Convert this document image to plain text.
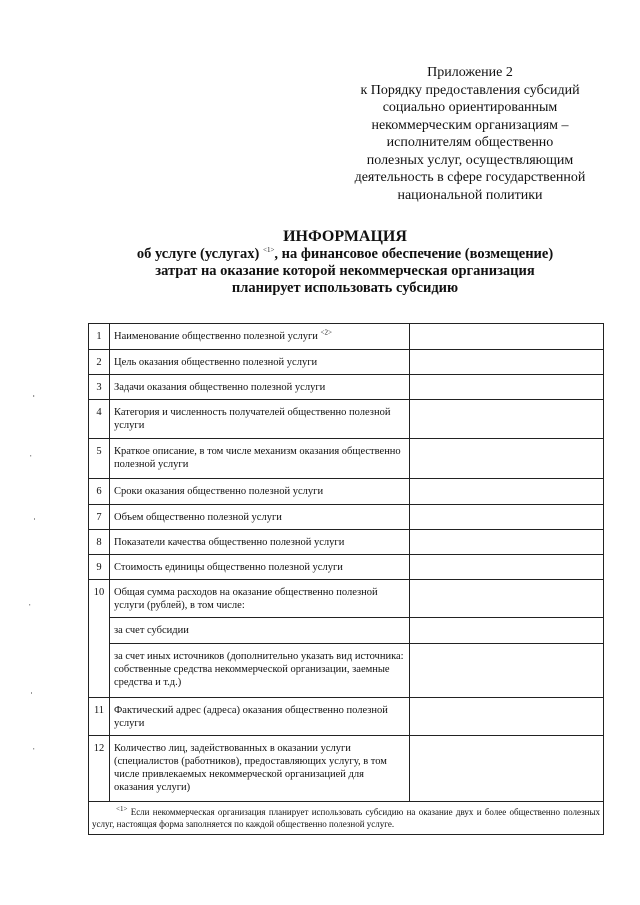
Приложение 2
к Порядку предоставления субсидий
социально ориентированным
некоммерческим организациям –
исполнителям общественно
полезных услуг, осуществляющим
деятельность в сфере государственной
национальной политики
ИНФОРМАЦИЯ
об услуге (услугах) $^{<1>}$, на финансовое обеспечение (возмещение)
затрат на оказание которой некоммерческая организация
планирует использовать субсидию
1	Наименование общественно полезной услуги $^{<2>}$	
2	Цель оказания общественно полезной услуги	
3	Задачи оказания общественно полезной услуги	
4	Категория и численность получателей общественно полезной услуги	
5	Краткое описание, в том числе механизм оказания общественно полезной услуги	
6	Сроки оказания общественно полезной услуги	
7	Объем общественно полезной услуги	
8	Показатели качества общественно полезной услуги	
9	Стоимость единицы общественно полезной услуги	
10	Общая сумма расходов на оказание общественно полезной услуги (рублей), в том числе:	
	за счет субсидии	
	за счет иных источников (дополнительно указать вид источника: собственные средства некоммерческой организации, заемные средства и т.д.)	
11	Фактический адрес (адреса) оказания общественно полезной услуги	
12	Количество лиц, задействованных в оказании услуги (специалистов (работников), предоставляющих услугу, в том числе привлекаемых некоммерческой организацией для оказания услуги)	
$^{<1>}$ Если некоммерческая организация планирует использовать субсидию на оказание двух и более общественно полезных услуг, настоящая форма заполняется по каждой общественно полезной услуге.		
